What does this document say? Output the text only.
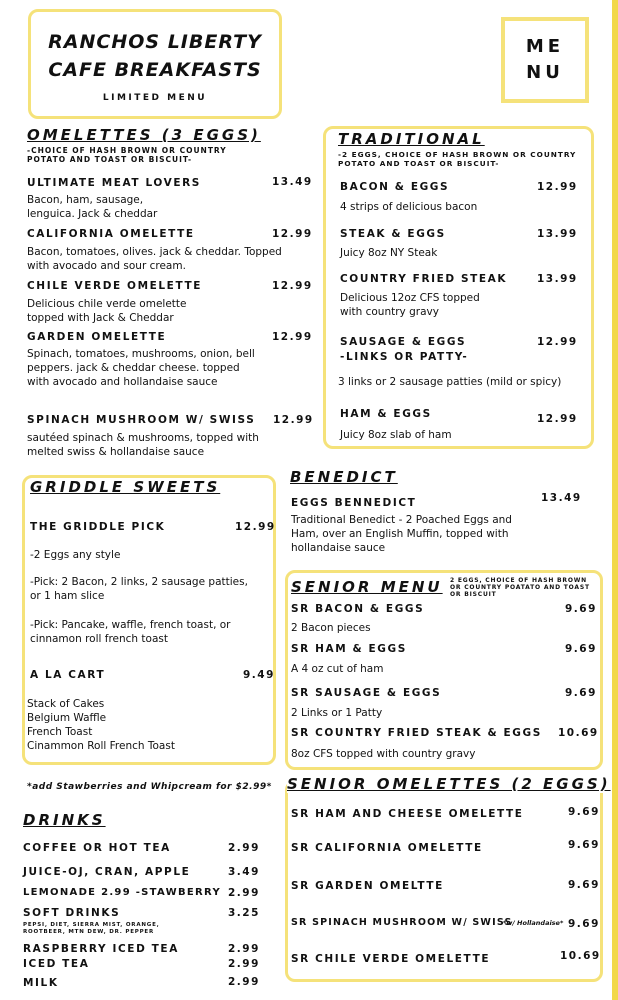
RANCHOS LIBERTY
CAFE BREAKFASTS
LIMITED MENU
ME
NU
OMELETTES (3 EGGS)
-CHOICE OF HASH BROWN OR COUNTRY POTATO AND TOAST OR BISCUIT-
ULTIMATE MEAT LOVERS	13.49
Bacon, ham, sausage, lenguica. Jack & cheddar
CALIFORNIA OMELETTE	12.99
Bacon, tomatoes, olives. jack & cheddar. Topped with avocado and sour cream.
CHILE VERDE OMELETTE	12.99
Delicious chile verde omelette topped with Jack & Cheddar
GARDEN OMELETTE	12.99
Spinach, tomatoes, mushrooms, onion, bell peppers. jack & cheddar cheese. topped with avocado and hollandaise sauce
SPINACH MUSHROOM W/ SWISS 12.99
sautéed spinach & mushrooms, topped with melted swiss & hollandaise sauce
TRADITIONAL
-2 EGGS, CHOICE OF HASH BROWN OR COUNTRY POTATO AND TOAST OR BISCUIT-
BACON & EGGS	12.99
4 strips of delicious bacon
STEAK & EGGS	13.99
Juicy 8oz NY Steak
COUNTRY FRIED STEAK	13.99
Delicious 12oz CFS topped with country gravy
SAUSAGE & EGGS
-LINKS OR PATTY-
12.99
3 links or 2 sausage patties (mild or spicy)
HAM & EGGS	12.99
Juicy 8oz slab of ham
GRIDDLE SWEETS
THE GRIDDLE PICK	12.99
-2 Eggs any style
-Pick: 2 Bacon, 2 links, 2 sausage patties, or 1 ham slice
-Pick: Pancake, waffle, french toast, or cinnamon roll french toast
A LA CART	9.49
Stack of Cakes
Belgium Waffle
French Toast
Cinammon Roll French Toast
*add Stawberries and Whipcream for $2.99*
BENEDICT
EGGS BENNEDICT	13.49
Traditional Benedict - 2 Poached Eggs and Ham, over an English Muffin, topped with hollandaise sauce
SENIOR MENU 2 EGGS, CHOICE OF HASH BROWN OR COUNTRY POATATO AND TOAST OR BISCUIT
SR BACON & EGGS	9.69
2 Bacon pieces
SR HAM & EGGS	9.69
A 4 oz cut of ham
SR SAUSAGE & EGGS	9.69
2 Links or 1 Patty
SR COUNTRY FRIED STEAK & EGGS 10.69
8oz CFS topped with country gravy
SENIOR OMELETTES (2 EGGS)
SR HAM AND CHEESE OMELETTE	9.69
SR CALIFORNIA OMELETTE	9.69
SR GARDEN OMELTTE	9.69
SR SPINACH MUSHROOM W/ SWISS
*w/ Hollandaise* 9.69
SR CHILE VERDE OMELETTE	10.69
DRINKS
COFFEE OR HOT TEA	2.99
JUICE-OJ, CRAN, APPLE	3.49
LEMONADE 2.99 -STAWBERRY 2.99
SOFT DRINKS	3.25
PEPSI, DIET, SIERRA MIST, ORANGE, ROOTBEER, MTN DEW, DR. PEPPER
RASPBERRY ICED TEA	2.99
ICED TEA	2.99
MILK	2.99
